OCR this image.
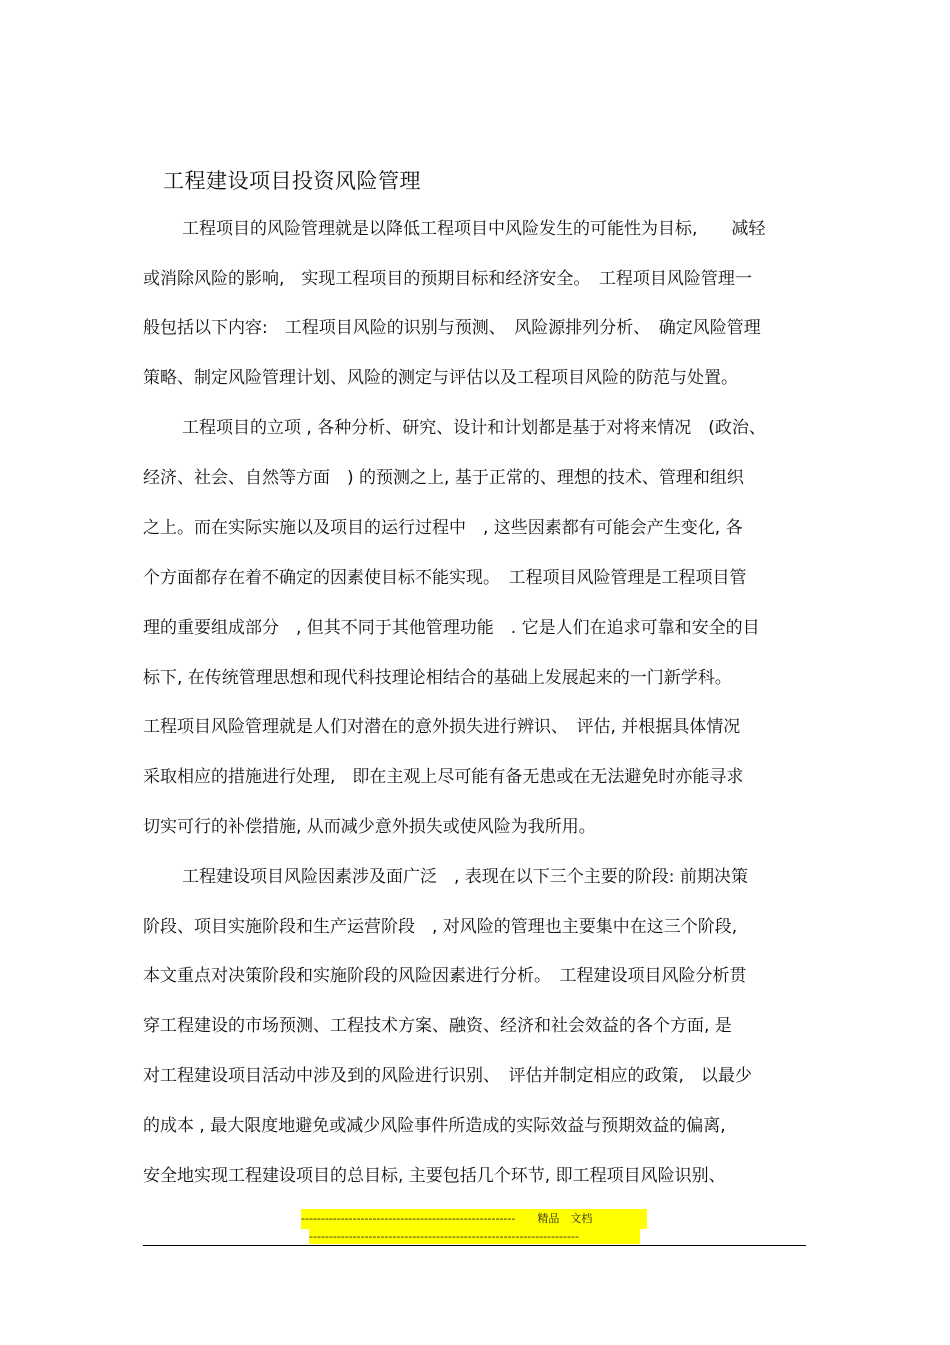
工程建设项目投资风险管理
工程项目的风险管理就是以降低工程项目中风险发生的可能性为目标,　　减轻
或消除风险的影响,　实现工程项目的预期目标和经济安全。　工程项目风险管理一
般包括以下内容:　工程项目风险的识别与预测、　风险源排列分析、　确定风险管理
策略、制定风险管理计划、风险的测定与评估以及工程项目风险的防范与处置。
工程项目的立项 , 各种分析、研究、设计和计划都是基于对将来情况　(政治、
经济、社会、自然等方面　) 的预测之上, 基于正常的、理想的技术、管理和组织
之上。而在实际实施以及项目的运行过程中　, 这些因素都有可能会产生变化, 各
个方面都存在着不确定的因素使目标不能实现。　工程项目风险管理是工程项目管
理的重要组成部分　, 但其不同于其他管理功能　. 它是人们在追求可靠和安全的目
标下, 在传统管理思想和现代科技理论相结合的基础上发展起来的一门新学科。
工程项目风险管理就是人们对潜在的意外损失进行辨识、　评估, 并根据具体情况
采取相应的措施进行处理,　即在主观上尽可能有备无患或在无法避免时亦能寻求
切实可行的补偿措施, 从而减少意外损失或使风险为我所用。
工程建设项目风险因素涉及面广泛　, 表现在以下三个主要的阶段: 前期决策
阶段、项目实施阶段和生产运营阶段　, 对风险的管理也主要集中在这三个阶段,
本文重点对决策阶段和实施阶段的风险因素进行分析。　工程建设项目风险分析贯
穿工程建设的市场预测、工程技术方案、融资、经济和社会效益的各个方面, 是
对工程建设项目活动中涉及到的风险进行识别、　评估并制定相应的政策,　以最少
的成本 , 最大限度地避免或减少风险事件所造成的实际效益与预期效益的偏离,
安全地实现工程建设项目的总目标, 主要包括几个环节, 即工程项目风险识别、
------------------------------------------------------　　精品　文档
--------------------------------------------------------------------
